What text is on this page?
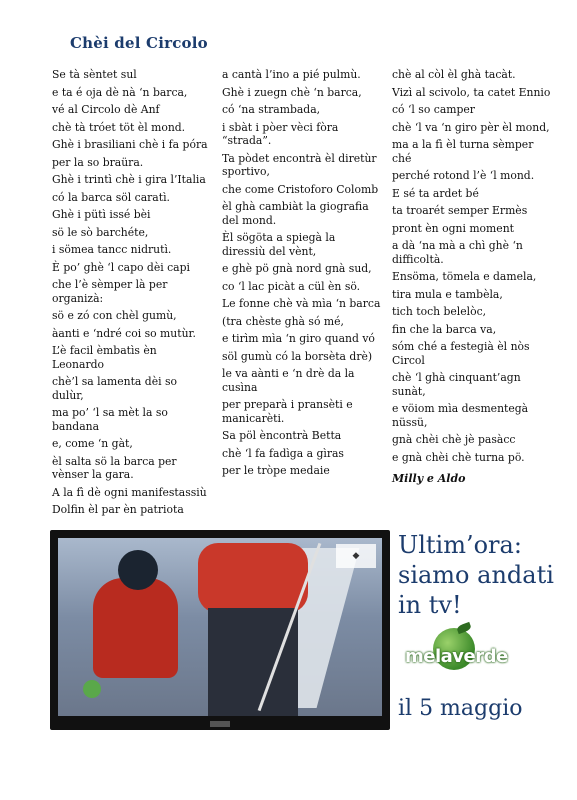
Chèi del Circolo
Se tà sèntet sul
e ta é oja dè nà ‘n barca,
vé al Circolo dè Anf
chè tà tróet töt èl mond.
Ghè i brasiliani chè i fa póra
per la so braüra.
Ghè i trintì chè i gira l’Italia
có la barca söl caratì.
Ghè i pütì issé bèi
sö le sò barchéte,
i sömea tancc nidrutì.
È po’ ghè ‘l capo dèi capi
che l’è sèmper là per organizà:
sö e zó con chèl gumù,
àanti e ‘ndré coi so mutùr.
L’è facil èmbatìs èn Leonardo
chè’l sa lamenta dèi so dulùr,
ma po’ ‘l sa mèt la so bandana
e, come ‘n gàt,
èl salta sö la barca per vènser la gara.
A la fì dè ogni manifestassiù
Dolfin èl par èn patriota
a cantà l’ino a pié pulmù.
Ghè i zuegn chè ‘n barca,
có ‘na strambada,
i sbàt i pòer vèci fòra “strada”.
Ta pòdet encontrà èl diretùr sportivo,
che come Cristoforo Colomb
èl ghà cambiàt la giografia del mond.
Èl sögöta a spiegà la diressiù del vènt,
e ghè pö gnà nord gnà sud,
co ‘l lac picàt a cül èn sö.
Le fonne chè và mìa ‘n barca
(tra chèste ghà só mé,
e tirìm mìa ‘n giro quand vó
söl gumù có la borsèta drè)
le va aànti e ‘n drè da la cusìna
per preparà i pransèti e manicarèti.
Sa pöl èncontrà Betta
chè ‘l fa fadìga a gìras
per le tròpe medaie
chè al còl èl ghà tacàt.
Vizì al scivolo, ta catet Ennio
có ‘l so camper
chè ‘l va ‘n giro pèr èl mond,
ma a la fì èl turna sèmper ché
perché rotond l’è ‘l mond.
E sé ta ardet bé
ta troarét semper Ermès
pront èn ogni moment
a dà ‘na mà a chì ghè ‘n difficoltà.
Ensöma, tömela e damela,
tira mula e tambèla,
tich toch belelòc,
fin che la barca va,
sóm ché a festegià èl nòs Circol
chè ‘l ghà cinquant’agn sunàt,
e vöiom mìa desmentegà nüssü,
gnà chèi chè jè pasàcc
e gnà chèi chè turna pö.
Milly e Aldo
◆	Ultim’ora:
siamo andati
in tv!
melaverde
il 5 maggio
